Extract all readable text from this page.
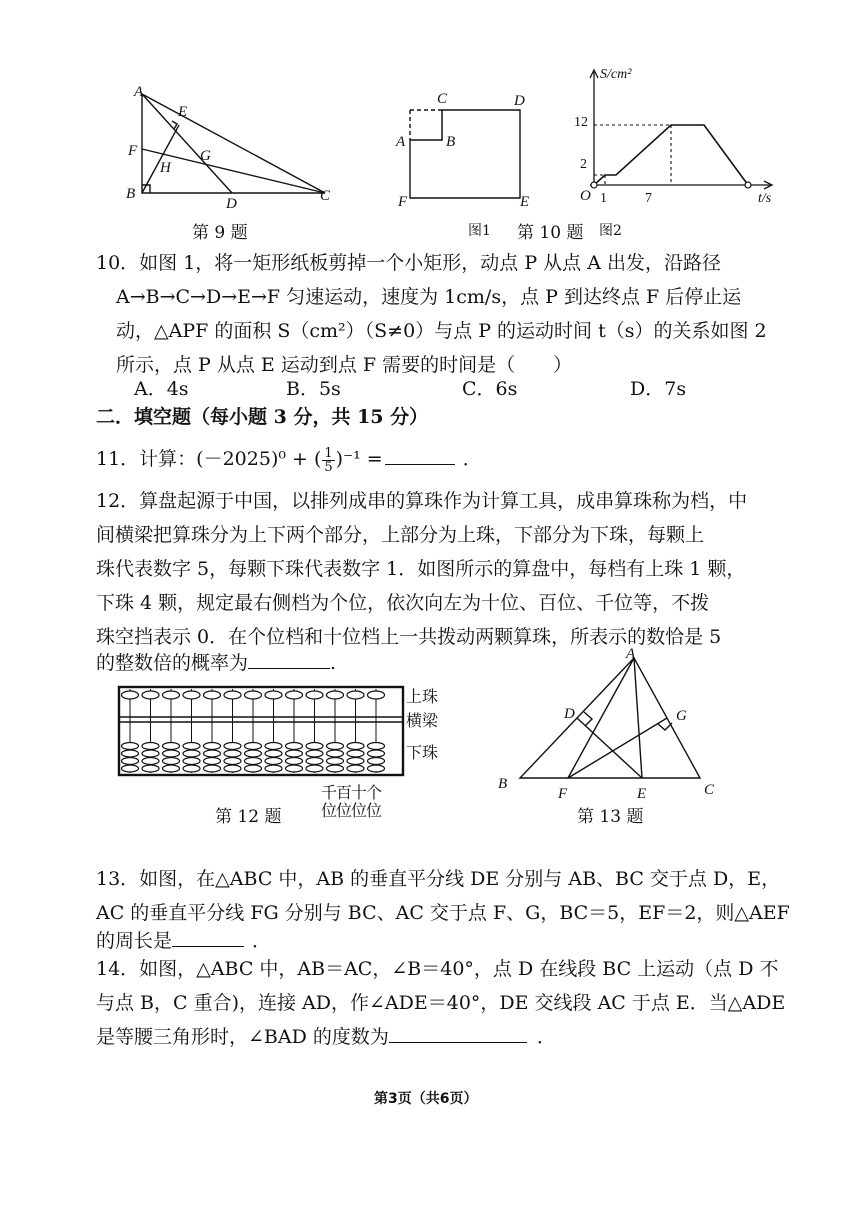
A
E
F
H
G
B
D	C
第 9 题
C	D
A	B
F	E
图1 第 10 题 图2
S/cm²
t/s
O
2
12
1	7
10．如图 1，将一矩形纸板剪掉一个小矩形，动点 P 从点 A 出发，沿路径
A→B→C→D→E→F 匀速运动，速度为 1cm/s，点 P 到达终点 F 后停止运
动，△APF 的面积 S（cm²）（S≠0）与点 P 的运动时间 t（s）的关系如图 2
所示，点 P 从点 E 运动到点 F 需要的时间是（　　）
A．4s	B．5s	C．6s	D．7s
二．填空题（每小题 3 分，共 15 分）
11．计算：(－2025)⁰ + ( $\frac{1}{5} )^{-1}$ =	．
12．算盘起源于中国，以排列成串的算珠作为计算工具，成串算珠称为档，中
间横梁把算珠分为上下两个部分，上部分为上珠，下部分为下珠，每颗上
珠代表数字 5，每颗下珠代表数字 1．如图所示的算盘中，每档有上珠 1 颗，
下珠 4 颗，规定最右侧档为个位，依次向左为十位、百位、千位等，不拨
珠空挡表示 0．在个位档和十位档上一共拨动两颗算珠，所表示的数恰是 5
的整数倍的概率为	.
上珠
横梁
下珠
千百十个
位位位位
第 12 题
A
D	G
B
F	E	C
第 13 题
13．如图，在△ABC 中，AB 的垂直平分线 DE 分别与 AB、BC 交于点 D，E，
AC 的垂直平分线 FG 分别与 BC、AC 交于点 F、G，BC＝5，EF＝2，则△AEF
的周长是	．
14．如图，△ABC 中，AB＝AC，∠B＝40°，点 D 在线段 BC 上运动（点 D 不
与点 B，C 重合)，连接 AD，作∠ADE＝40°，DE 交线段 AC 于点 E．当△ADE
是等腰三角形时，∠BAD 的度数为	．
第3页（共6页）
